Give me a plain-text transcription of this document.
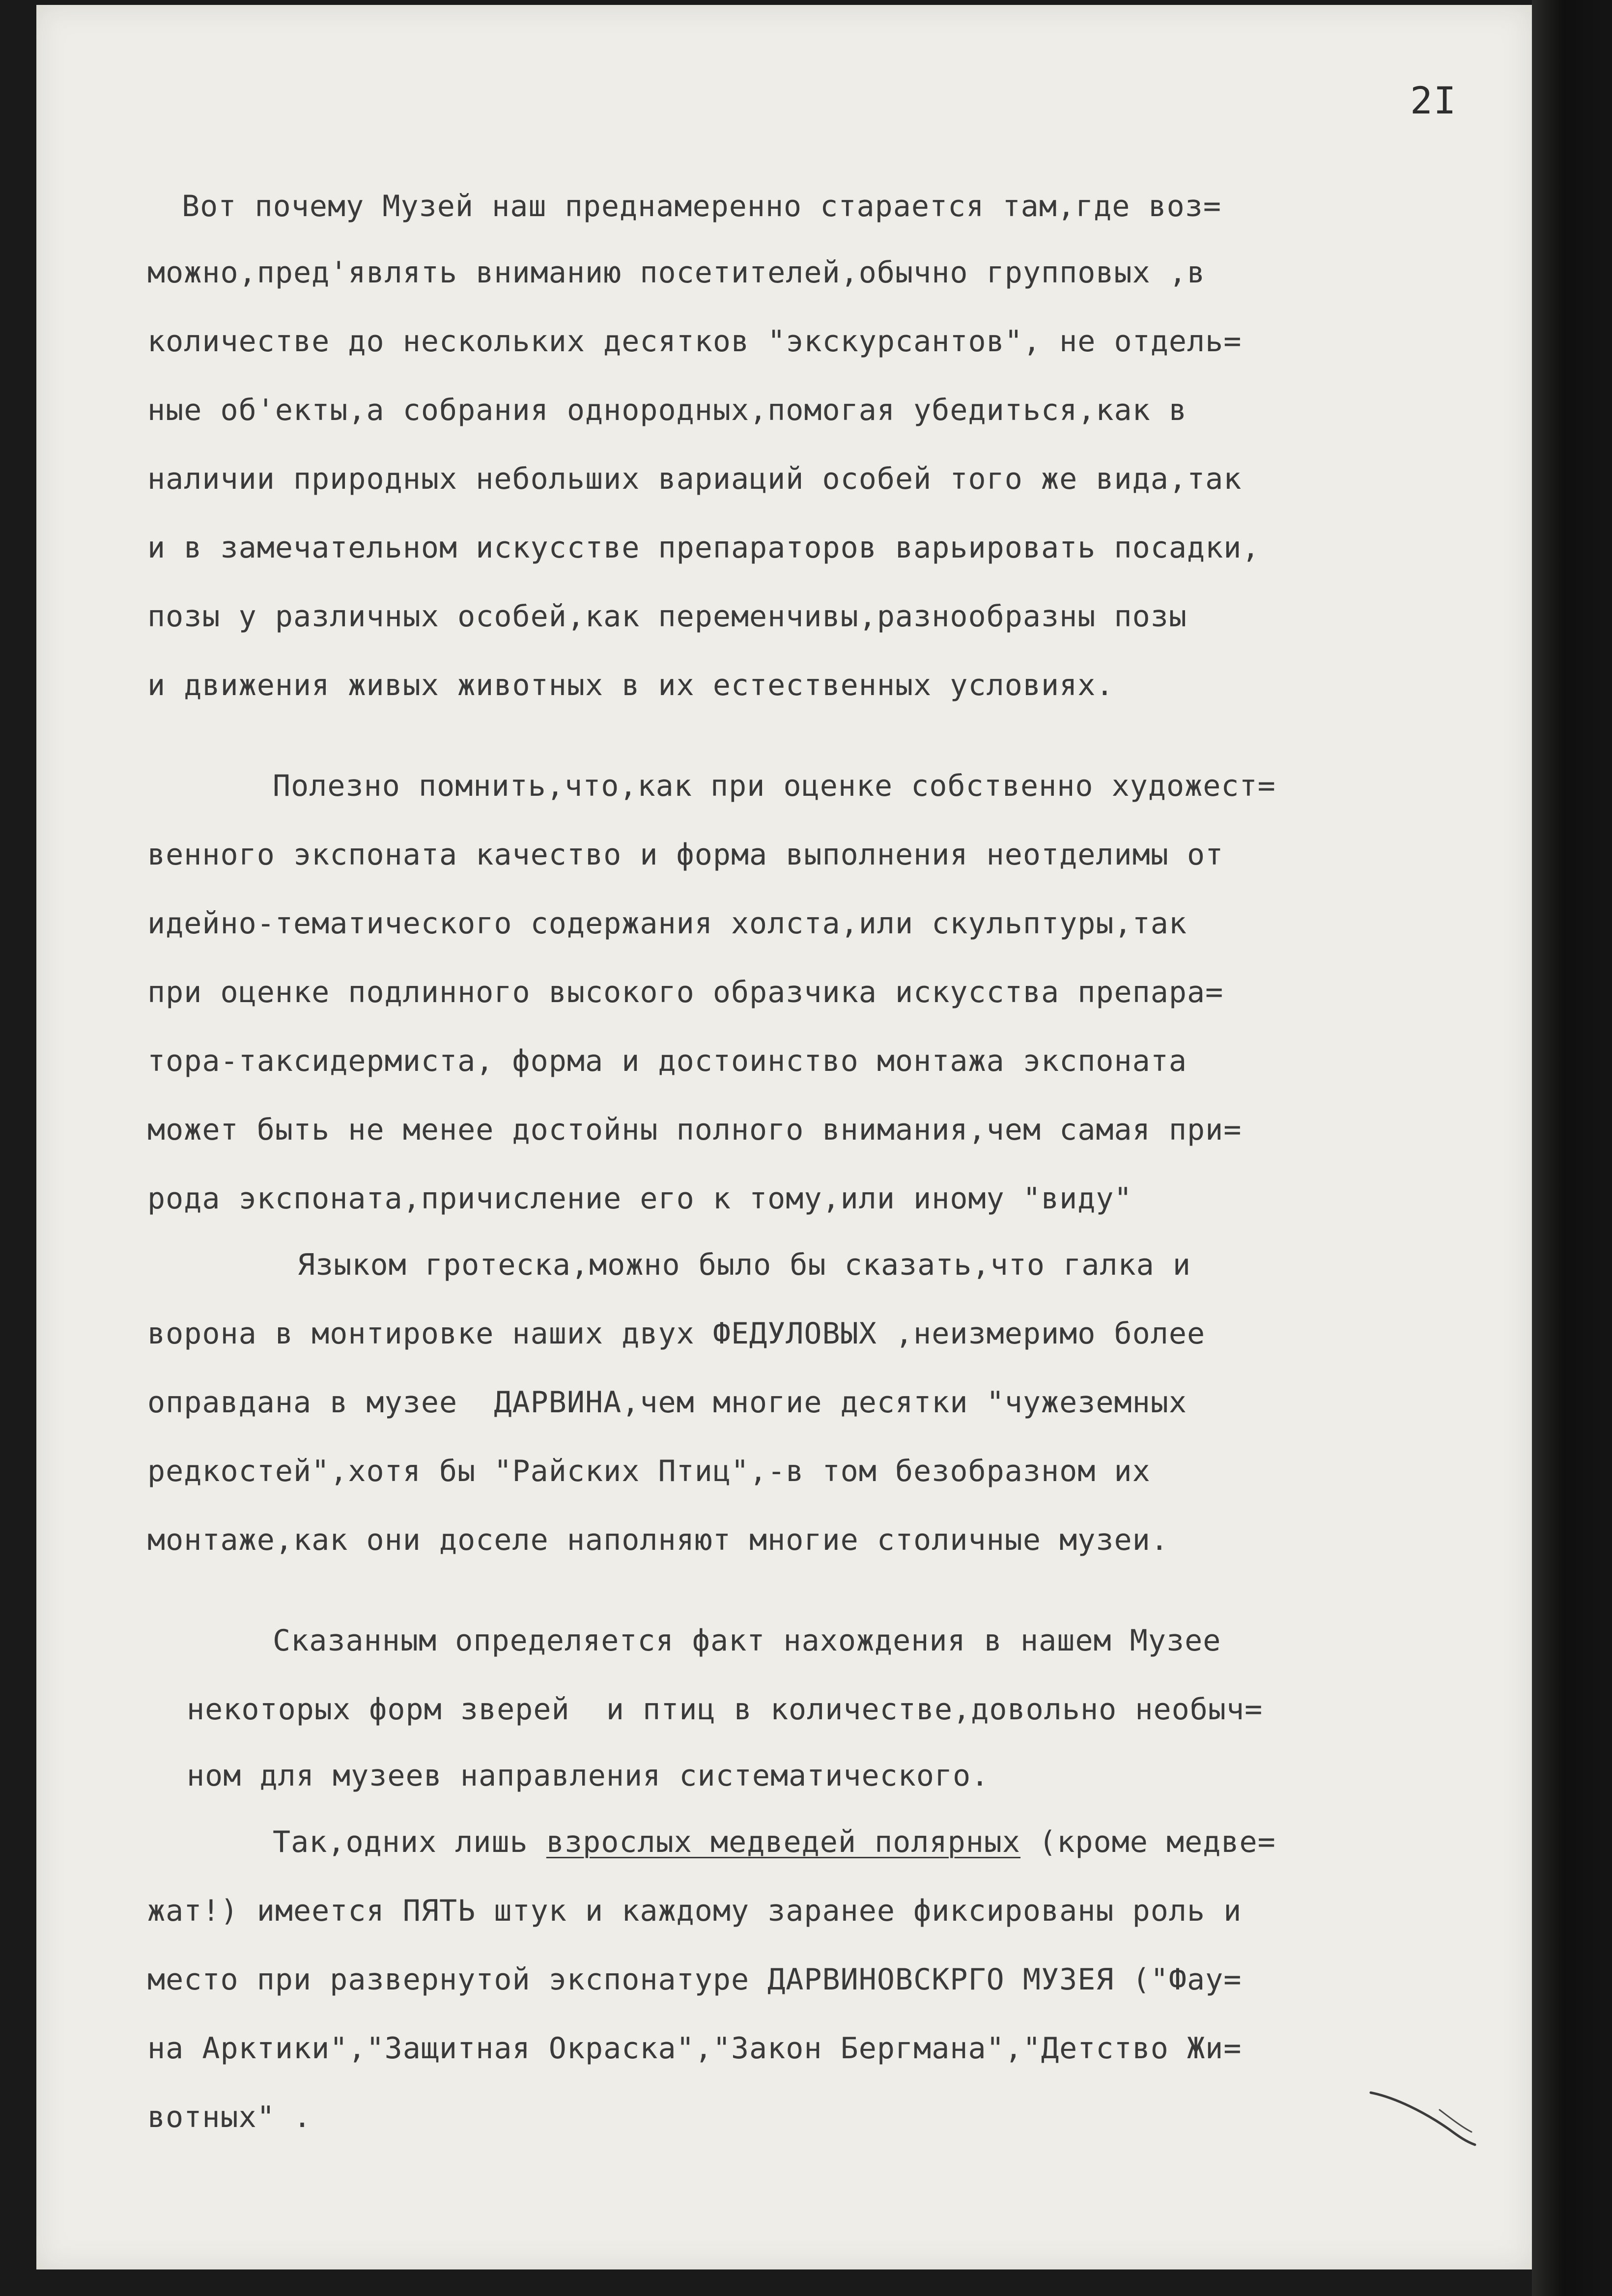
2I
Вот почему Музей наш преднамеренно старается там,где воз=
можно,пред'являть вниманию посетителей,обычно групповых ,в
количестве до нескольких десятков "экскурсантов", не отдель=
ные об'екты,а собрания однородных,помогая убедиться,как в
наличии природных небольших вариаций особей того же вида,так
и в замечательном искусстве препараторов варьировать посадки,
позы у различных особей,как переменчивы,разнообразны позы
и движения живых животных в их естественных условиях.
Полезно помнить,что,как при оценке собственно художест=
венного экспоната качество и форма выполнения неотделимы от
идейно-тематического содержания холста,или скульптуры,так
при оценке подлинного высокого образчика искусства препара=
тора-таксидермиста, форма и достоинство монтажа экспоната
может быть не менее достойны полного внимания,чем самая при=
рода экспоната,причисление его к тому,или иному "виду"
Языком гротеска,можно было бы сказать,что галка и
ворона в монтировке наших двух ФЕДУЛОВЫХ ,неизмеримо более
оправдана в музее  ДАРВИНА,чем многие десятки "чужеземных
редкостей",хотя бы "Райских Птиц",-в том безобразном их
монтаже,как они доселе наполняют многие столичные музеи.
Сказанным определяется факт нахождения в нашем Музее
некоторых форм зверей  и птиц в количестве,довольно необыч=
ном для музеев направления систематического.
Так,одних лишь взрослых медведей полярных (кроме медве=
жат!) имеется ПЯТЬ штук и каждому заранее фиксированы роль и
место при развернутой экспонатуре ДАРВИНОВСКРГО МУЗЕЯ ("Фау=
на Арктики","Защитная Окраска","Закон Бергмана","Детство Жи=
вотных" .
